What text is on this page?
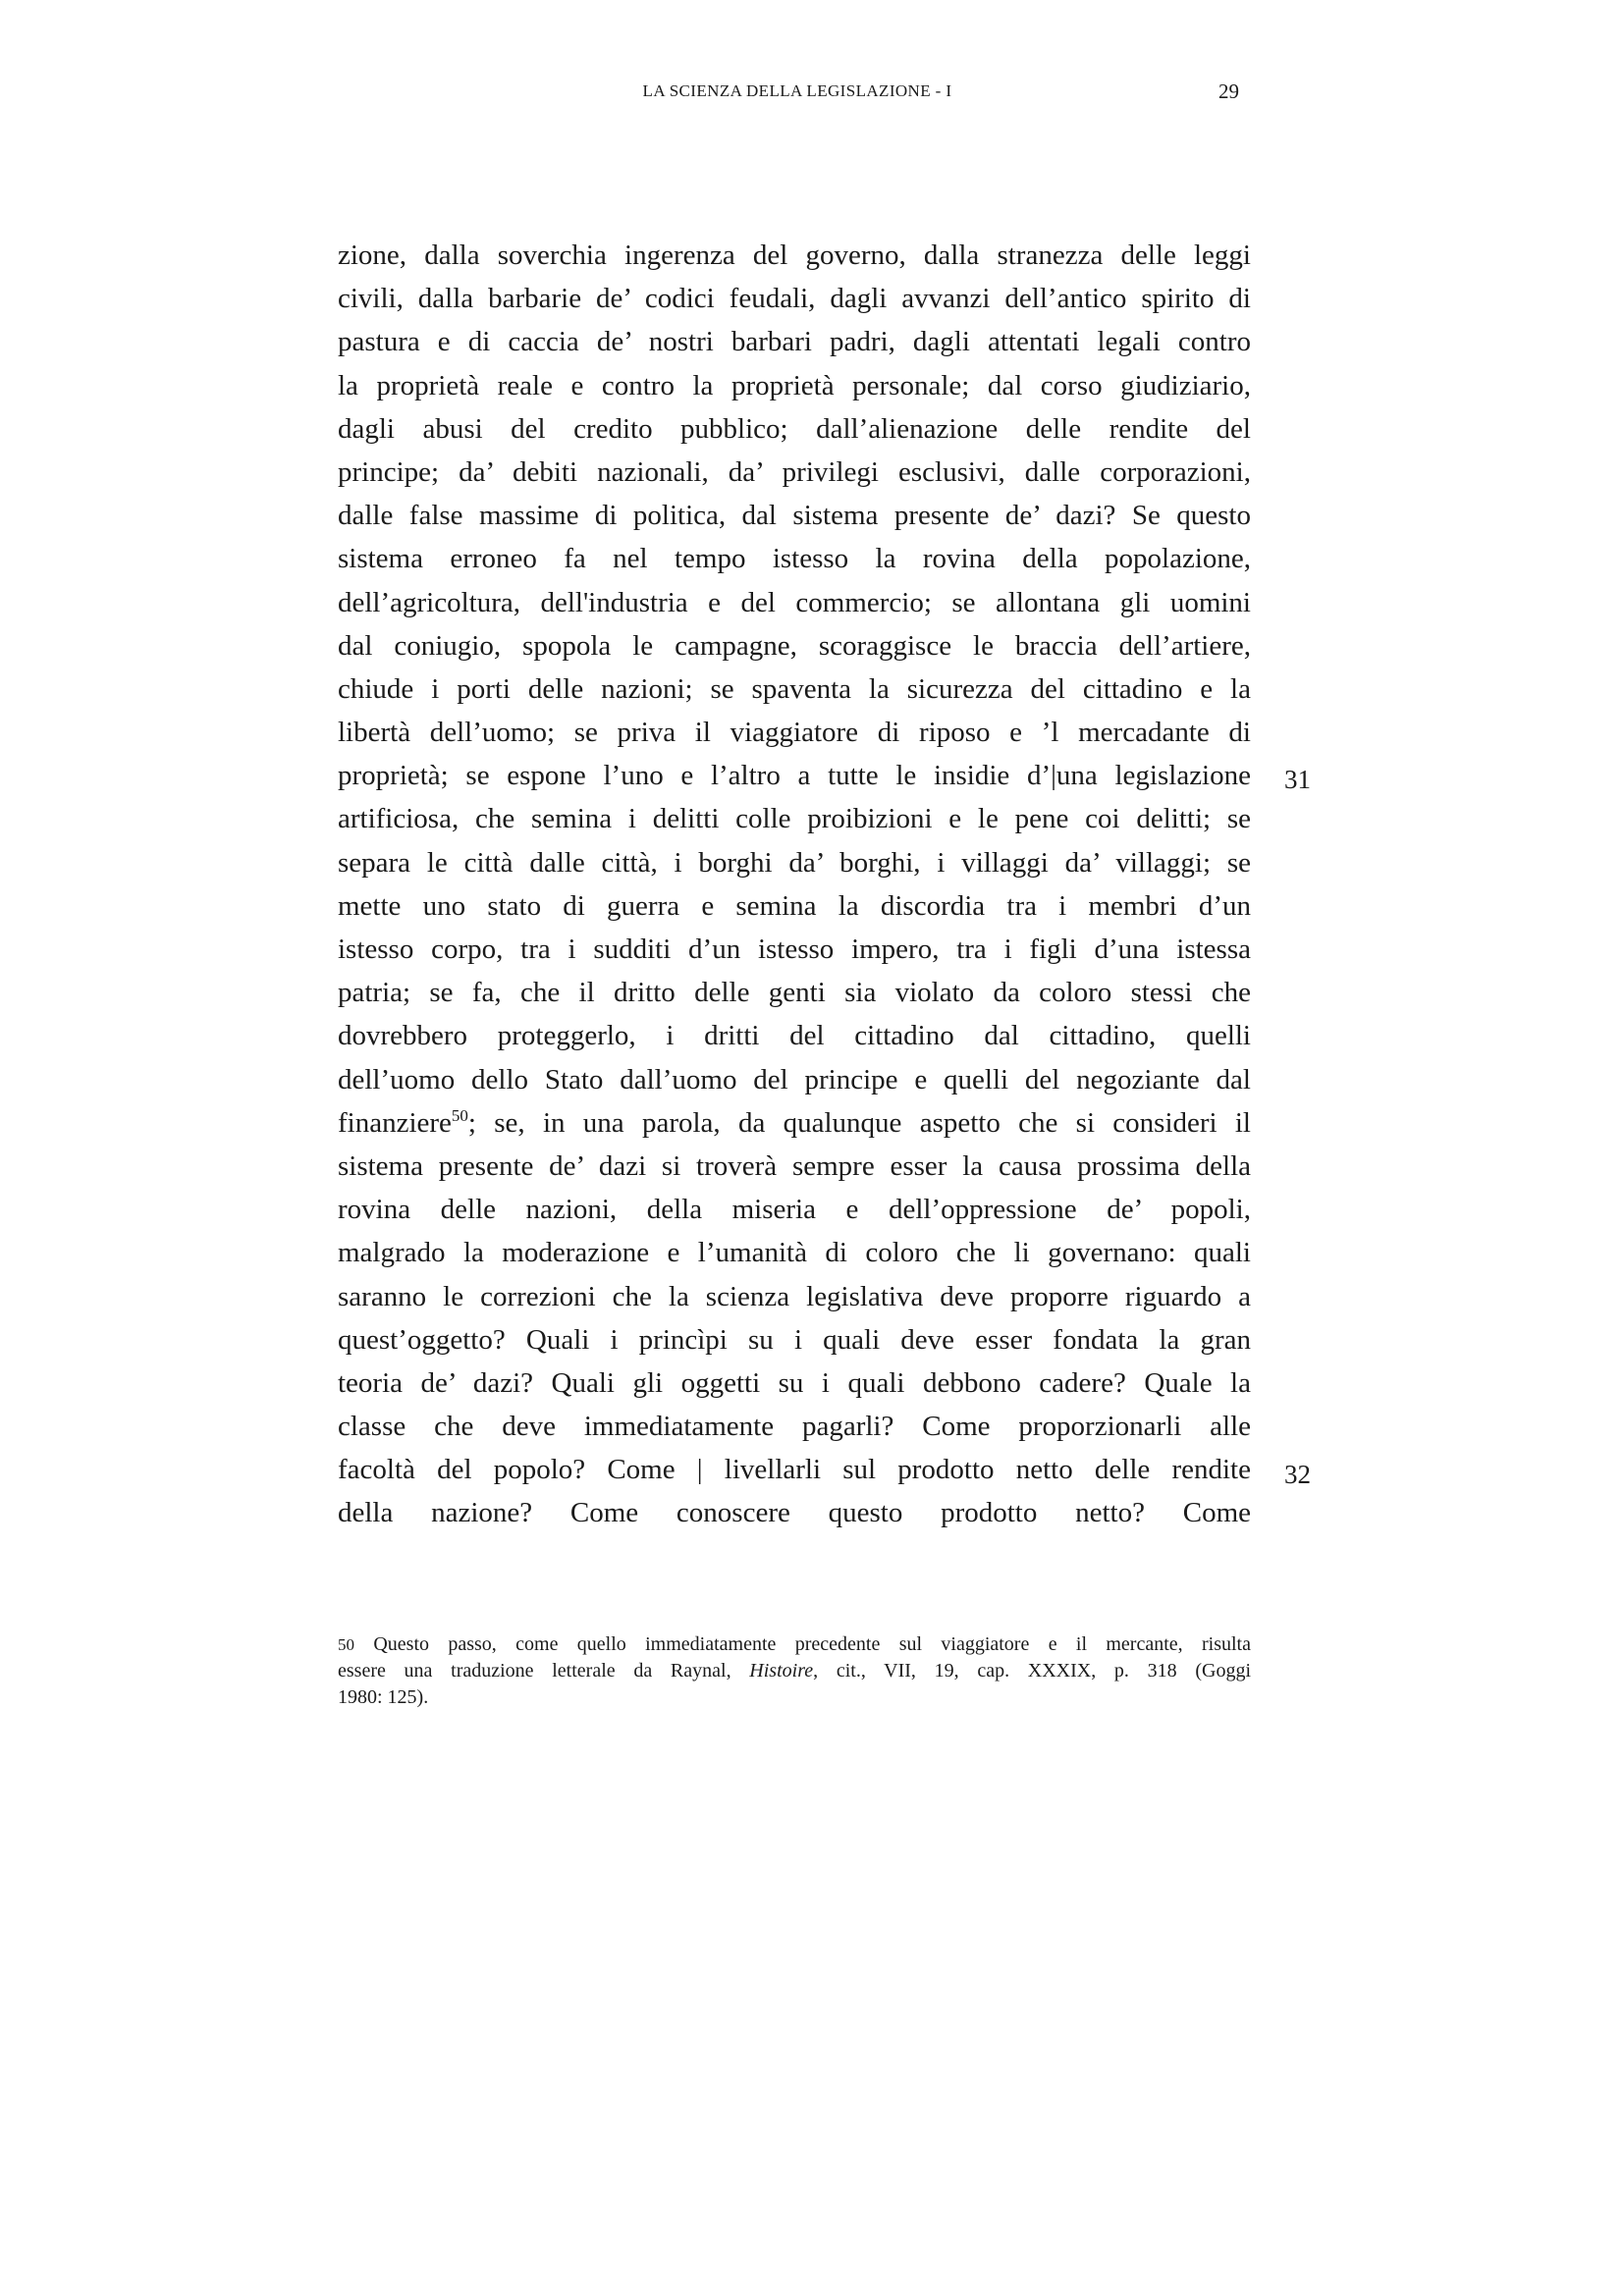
LA SCIENZA DELLA LEGISLAZIONE - I	29
zione, dalla soverchia ingerenza del governo, dalla stranezza delle leggi
civili, dalla barbarie de’ codici feudali, dagli avvanzi dell’antico spirito di
pastura e di caccia de’ nostri barbari padri, dagli attentati legali contro
la proprietà reale e contro la proprietà personale; dal corso giudiziario,
dagli abusi del credito pubblico; dall’alienazione delle rendite del
principe; da’ debiti nazionali, da’ privilegi esclusivi, dalle corporazioni,
dalle false massime di politica, dal sistema presente de’ dazi? Se questo
sistema erroneo fa nel tempo istesso la rovina della popolazione,
dell’agricoltura, dell'industria e del commercio; se allontana gli uomini
dal coniugio, spopola le campagne, scoraggisce le braccia dell’artiere,
chiude i porti delle nazioni; se spaventa la sicurezza del cittadino e la
libertà dell’uomo; se priva il viaggiatore di riposo e ’l mercadante di
proprietà; se espone l’uno e l’altro a tutte le insidie d’|una legislazione
artificiosa, che semina i delitti colle proibizioni e le pene coi delitti; se
separa le città dalle città, i borghi da’ borghi, i villaggi da’ villaggi; se
mette uno stato di guerra e semina la discordia tra i membri d’un
istesso corpo, tra i sudditi d’un istesso impero, tra i figli d’una istessa
patria; se fa, che il dritto delle genti sia violato da coloro stessi che
dovrebbero proteggerlo, i dritti del cittadino dal cittadino, quelli
dell’uomo dello Stato dall’uomo del principe e quelli del negoziante dal
finanziere$^{50}$; se, in una parola, da qualunque aspetto che si consideri il
sistema presente de’ dazi si troverà sempre esser la causa prossima della
rovina delle nazioni, della miseria e dell’oppressione de’ popoli,
malgrado la moderazione e l’umanità di coloro che li governano: quali
saranno le correzioni che la scienza legislativa deve proporre riguardo a
quest’oggetto? Quali i princìpi su i quali deve esser fondata la gran
teoria de’ dazi? Quali gli oggetti su i quali debbono cadere? Quale la
classe che deve immediatamente pagarli? Come proporzionarli alle
facoltà del popolo? Come | livellarli sul prodotto netto delle rendite
della nazione? Come conoscere questo prodotto netto? Come
31
32
50 Questo passo, come quello immediatamente precedente sul viaggiatore e il mercante, risulta
essere una traduzione letterale da Raynal, Histoire, cit., VII, 19, cap. XXXIX, p. 318 (Goggi
1980: 125).
